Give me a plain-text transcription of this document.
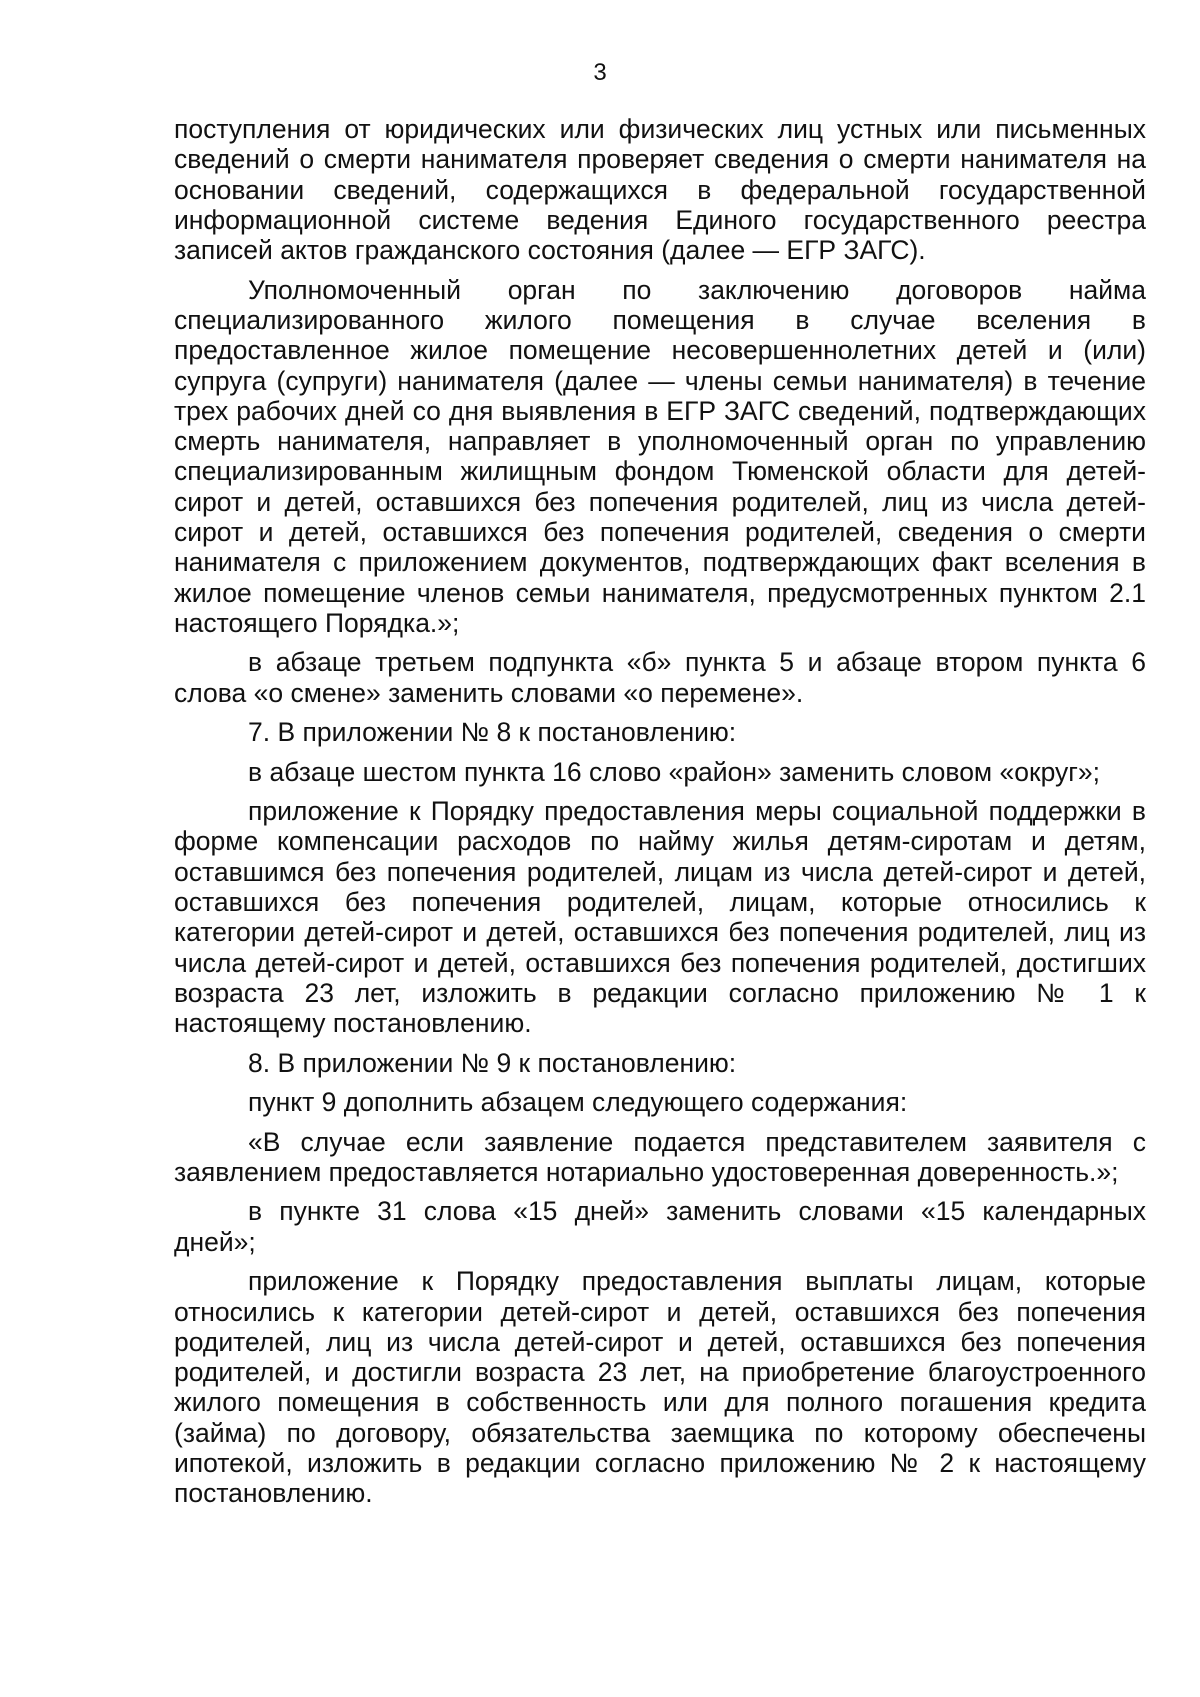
3

поступления от юридических или физических лиц устных или письменных сведений о смерти нанимателя проверяет сведения о смерти нанимателя на основании сведений, содержащихся в федеральной государственной информационной системе ведения Единого государственного реестра записей актов гражданского состояния (далее — ЕГР ЗАГС).

Уполномоченный орган по заключению договоров найма специализированного жилого помещения в случае вселения в предоставленное жилое помещение несовершеннолетних детей и (или) супруга (супруги) нанимателя (далее — члены семьи нанимателя) в течение трех рабочих дней со дня выявления в ЕГР ЗАГС сведений, подтверждающих смерть нанимателя, направляет в уполномоченный орган по управлению специализированным жилищным фондом Тюменской области для детей-сирот и детей, оставшихся без попечения родителей, лиц из числа детей-сирот и детей, оставшихся без попечения родителей, сведения о смерти нанимателя с приложением документов, подтверждающих факт вселения в жилое помещение членов семьи нанимателя, предусмотренных пунктом 2.1 настоящего Порядка.»;

в абзаце третьем подпункта «б» пункта 5 и абзаце втором пункта 6 слова «о смене» заменить словами «о перемене».

7. В приложении № 8 к постановлению:

в абзаце шестом пункта 16 слово «район» заменить словом «округ»;

приложение к Порядку предоставления меры социальной поддержки в форме компенсации расходов по найму жилья детям-сиротам и детям, оставшимся без попечения родителей, лицам из числа детей-сирот и детей, оставшихся без попечения родителей, лицам, которые относились к категории детей-сирот и детей, оставшихся без попечения родителей, лиц из числа детей-сирот и детей, оставшихся без попечения родителей, достигших возраста 23 лет, изложить в редакции согласно приложению № 1 к настоящему постановлению.

8. В приложении № 9 к постановлению:

пункт 9 дополнить абзацем следующего содержания:

«В случае если заявление подается представителем заявителя с заявлением предоставляется нотариально удостоверенная доверенность.»;

в пункте 31 слова «15 дней» заменить словами «15 календарных дней»;

приложение к Порядку предоставления выплаты лицам, которые относились к категории детей-сирот и детей, оставшихся без попечения родителей, лиц из числа детей-сирот и детей, оставшихся без попечения родителей, и достигли возраста 23 лет, на приобретение благоустроенного жилого помещения в собственность или для полного погашения кредита (займа) по договору, обязательства заемщика по которому обеспечены ипотекой, изложить в редакции согласно приложению № 2 к настоящему постановлению.
